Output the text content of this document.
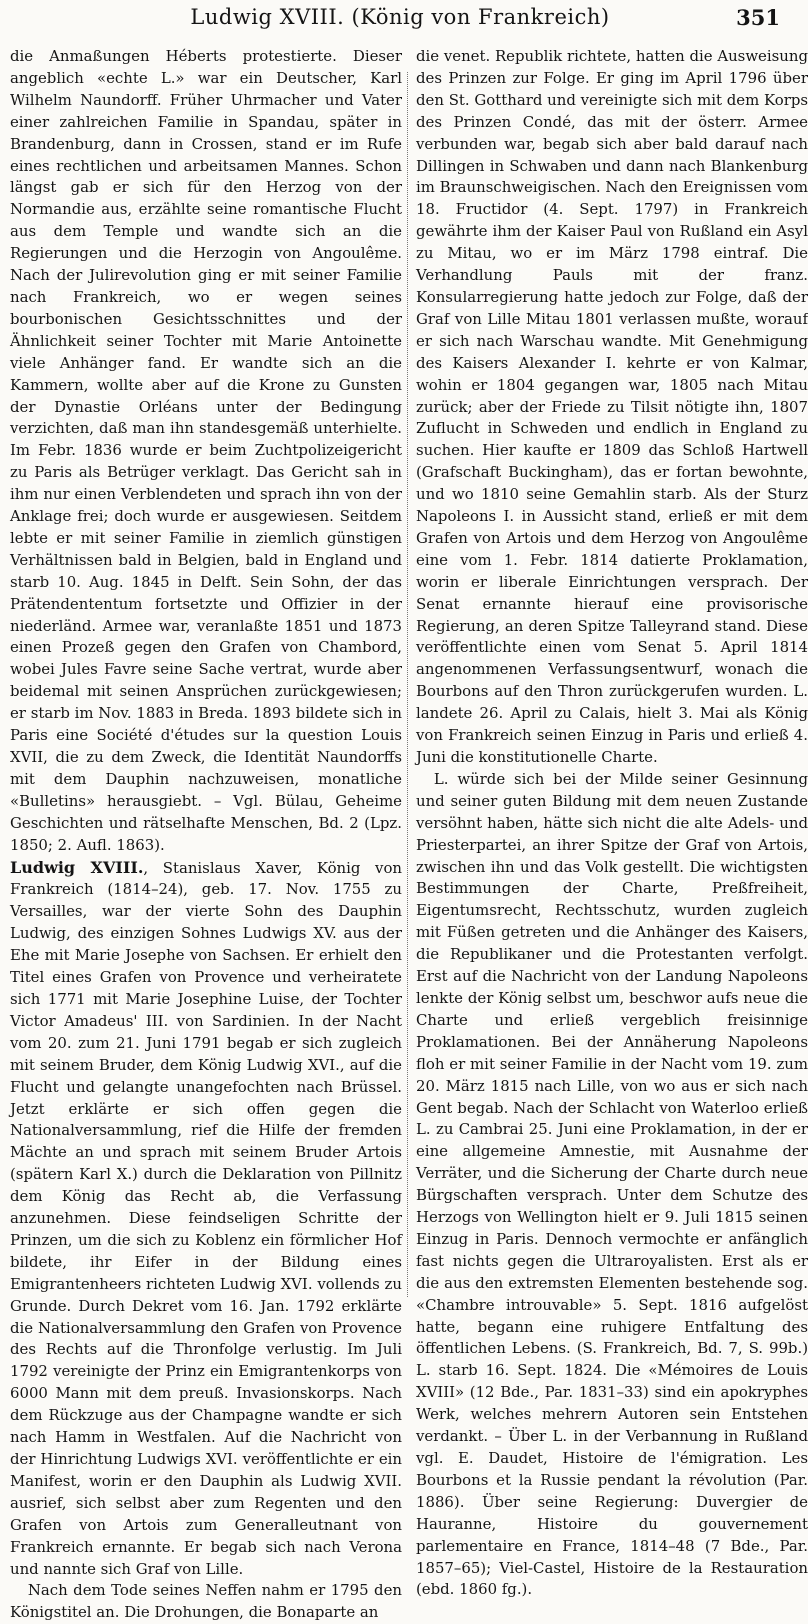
Ludwig XVIII. (König von Frankreich)	351

die Anmaßungen Héberts protestierte. Dieser angeblich «echte L.» war ein Deutscher, Karl Wilhelm Naundorff. Früher Uhrmacher und Vater einer zahlreichen Familie in Spandau, später in Brandenburg, dann in Crossen, stand er im Rufe eines rechtlichen und arbeitsamen Mannes. Schon längst gab er sich für den Herzog von der Normandie aus, erzählte seine romantische Flucht aus dem Temple und wandte sich an die Regierungen und die Herzogin von Angoulême. Nach der Julirevolution ging er mit seiner Familie nach Frankreich, wo er wegen seines bourbonischen Gesichtsschnittes und der Ähnlichkeit seiner Tochter mit Marie Antoinette viele Anhänger fand. Er wandte sich an die Kammern, wollte aber auf die Krone zu Gunsten der Dynastie Orléans unter der Bedingung verzichten, daß man ihn standesgemäß unterhielte. Im Febr. 1836 wurde er beim Zuchtpolizeigericht zu Paris als Betrüger verklagt. Das Gericht sah in ihm nur einen Verblendeten und sprach ihn von der Anklage frei; doch wurde er ausgewiesen. Seitdem lebte er mit seiner Familie in ziemlich günstigen Verhältnissen bald in Belgien, bald in England und starb 10. Aug. 1845 in Delft. Sein Sohn, der das Prätendententum fortsetzte und Offizier in der niederländ. Armee war, veranlaßte 1851 und 1873 einen Prozeß gegen den Grafen von Chambord, wobei Jules Favre seine Sache vertrat, wurde aber beidemal mit seinen Ansprüchen zurückgewiesen; er starb im Nov. 1883 in Breda. 1893 bildete sich in Paris eine Société d'études sur la question Louis XVII, die zu dem Zweck, die Identität Naundorffs mit dem Dauphin nachzuweisen, monatliche «Bulletins» herausgiebt. – Vgl. Bülau, Geheime Geschichten und rätselhafte Menschen, Bd. 2 (Lpz. 1850; 2. Aufl. 1863).

Ludwig XVIII., Stanislaus Xaver, König von Frankreich (1814–24), geb. 17. Nov. 1755 zu Versailles, war der vierte Sohn des Dauphin Ludwig, des einzigen Sohnes Ludwigs XV. aus der Ehe mit Marie Josephe von Sachsen. Er erhielt den Titel eines Grafen von Provence und verheiratete sich 1771 mit Marie Josephine Luise, der Tochter Victor Amadeus' III. von Sardinien. In der Nacht vom 20. zum 21. Juni 1791 begab er sich zugleich mit seinem Bruder, dem König Ludwig XVI., auf die Flucht und gelangte unangefochten nach Brüssel. Jetzt erklärte er sich offen gegen die Nationalversammlung, rief die Hilfe der fremden Mächte an und sprach mit seinem Bruder Artois (spätern Karl X.) durch die Deklaration von Pillnitz dem König das Recht ab, die Verfassung anzunehmen. Diese feindseligen Schritte der Prinzen, um die sich zu Koblenz ein förmlicher Hof bildete, ihr Eifer in der Bildung eines Emigrantenheers richteten Ludwig XVI. vollends zu Grunde. Durch Dekret vom 16. Jan. 1792 erklärte die Nationalversammlung den Grafen von Provence des Rechts auf die Thronfolge verlustig. Im Juli 1792 vereinigte der Prinz ein Emigrantenkorps von 6000 Mann mit dem preuß. Invasionskorps. Nach dem Rückzuge aus der Champagne wandte er sich nach Hamm in Westfalen. Auf die Nachricht von der Hinrichtung Ludwigs XVI. veröffentlichte er ein Manifest, worin er den Dauphin als Ludwig XVII. ausrief, sich selbst aber zum Regenten und den Grafen von Artois zum Generalleutnant von Frankreich ernannte. Er begab sich nach Verona und nannte sich Graf von Lille.

Nach dem Tode seines Neffen nahm er 1795 den Königstitel an. Die Drohungen, die Bonaparte an

die venet. Republik richtete, hatten die Ausweisung des Prinzen zur Folge. Er ging im April 1796 über den St. Gotthard und vereinigte sich mit dem Korps des Prinzen Condé, das mit der österr. Armee verbunden war, begab sich aber bald darauf nach Dillingen in Schwaben und dann nach Blankenburg im Braunschweigischen. Nach den Ereignissen vom 18. Fructidor (4. Sept. 1797) in Frankreich gewährte ihm der Kaiser Paul von Rußland ein Asyl zu Mitau, wo er im März 1798 eintraf. Die Verhandlung Pauls mit der franz. Konsularregierung hatte jedoch zur Folge, daß der Graf von Lille Mitau 1801 verlassen mußte, worauf er sich nach Warschau wandte. Mit Genehmigung des Kaisers Alexander I. kehrte er von Kalmar, wohin er 1804 gegangen war, 1805 nach Mitau zurück; aber der Friede zu Tilsit nötigte ihn, 1807 Zuflucht in Schweden und endlich in England zu suchen. Hier kaufte er 1809 das Schloß Hartwell (Grafschaft Buckingham), das er fortan bewohnte, und wo 1810 seine Gemahlin starb. Als der Sturz Napoleons I. in Aussicht stand, erließ er mit dem Grafen von Artois und dem Herzog von Angoulême eine vom 1. Febr. 1814 datierte Proklamation, worin er liberale Einrichtungen versprach. Der Senat ernannte hierauf eine provisorische Regierung, an deren Spitze Talleyrand stand. Diese veröffentlichte einen vom Senat 5. April 1814 angenommenen Verfassungsentwurf, wonach die Bourbons auf den Thron zurückgerufen wurden. L. landete 26. April zu Calais, hielt 3. Mai als König von Frankreich seinen Einzug in Paris und erließ 4. Juni die konstitutionelle Charte.

L. würde sich bei der Milde seiner Gesinnung und seiner guten Bildung mit dem neuen Zustande versöhnt haben, hätte sich nicht die alte Adels- und Priesterpartei, an ihrer Spitze der Graf von Artois, zwischen ihn und das Volk gestellt. Die wichtigsten Bestimmungen der Charte, Preßfreiheit, Eigentumsrecht, Rechtsschutz, wurden zugleich mit Füßen getreten und die Anhänger des Kaisers, die Republikaner und die Protestanten verfolgt. Erst auf die Nachricht von der Landung Napoleons lenkte der König selbst um, beschwor aufs neue die Charte und erließ vergeblich freisinnige Proklamationen. Bei der Annäherung Napoleons floh er mit seiner Familie in der Nacht vom 19. zum 20. März 1815 nach Lille, von wo aus er sich nach Gent begab. Nach der Schlacht von Waterloo erließ L. zu Cambrai 25. Juni eine Proklamation, in der er eine allgemeine Amnestie, mit Ausnahme der Verräter, und die Sicherung der Charte durch neue Bürgschaften versprach. Unter dem Schutze des Herzogs von Wellington hielt er 9. Juli 1815 seinen Einzug in Paris. Dennoch vermochte er anfänglich fast nichts gegen die Ultraroyalisten. Erst als er die aus den extremsten Elementen bestehende sog. «Chambre introuvable» 5. Sept. 1816 aufgelöst hatte, begann eine ruhigere Entfaltung des öffentlichen Lebens. (S. Frankreich, Bd. 7, S. 99b.) L. starb 16. Sept. 1824. Die «Mémoires de Louis XVIII» (12 Bde., Par. 1831–33) sind ein apokryphes Werk, welches mehrern Autoren sein Entstehen verdankt. – Über L. in der Verbannung in Rußland vgl. E. Daudet, Histoire de l'émigration. Les Bourbons et la Russie pendant la révolution (Par. 1886). Über seine Regierung: Duvergier de Hauranne, Histoire du gouvernement parlementaire en France, 1814–48 (7 Bde., Par. 1857–65); Viel-Castel, Histoire de la Restauration (ebd. 1860 fg.).
